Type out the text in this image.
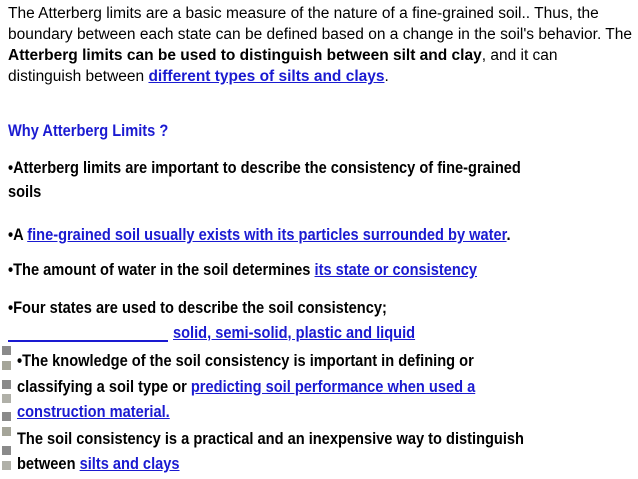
The Atterberg limits are a basic measure of the nature of a fine-grained soil.. Thus, the boundary between each state can be defined based on a change in the soil's behavior. The Atterberg limits can be used to distinguish between silt and clay, and it can distinguish between different types of silts and clays.
Why Atterberg Limits ?
•Atterberg limits are important to describe the consistency of fine-grained
soils
•A fine-grained soil usually exists with its particles surrounded by water.
•The amount of water in the soil determines its state or consistency
•Four states are used to describe the soil consistency;
solid, semi-solid, plastic and liquid
•The knowledge of the soil consistency is important in defining or
classifying a soil type or predicting soil performance when used a
construction material.
The soil consistency is a practical and an inexpensive way to distinguish
between silts and clays
